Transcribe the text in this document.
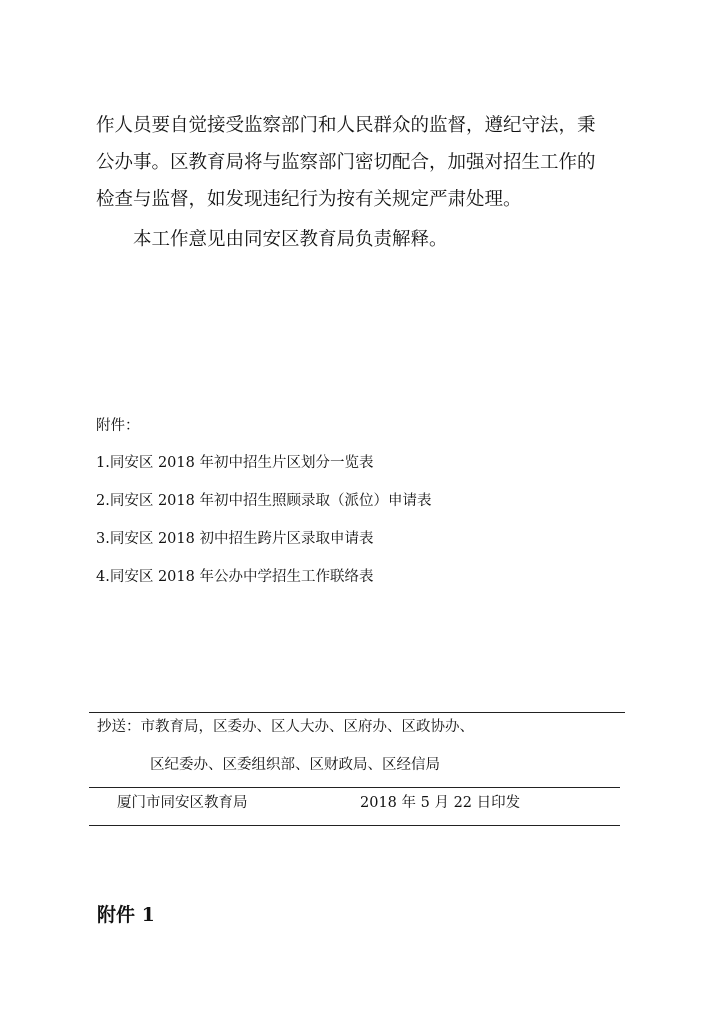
作人员要自觉接受监察部门和人民群众的监督，遵纪守法，秉
公办事。区教育局将与监察部门密切配合，加强对招生工作的
检查与监督，如发现违纪行为按有关规定严肃处理。
本工作意见由同安区教育局负责解释。
附件：
1.同安区 2018 年初中招生片区划分一览表
2.同安区 2018 年初中招生照顾录取（派位）申请表
3.同安区 2018 初中招生跨片区录取申请表
4.同安区 2018 年公办中学招生工作联络表
抄送：市教育局，区委办、区人大办、区府办、区政协办、
区纪委办、区委组织部、区财政局、区经信局
厦门市同安区教育局	2018 年 5 月 22 日印发
附件 1
